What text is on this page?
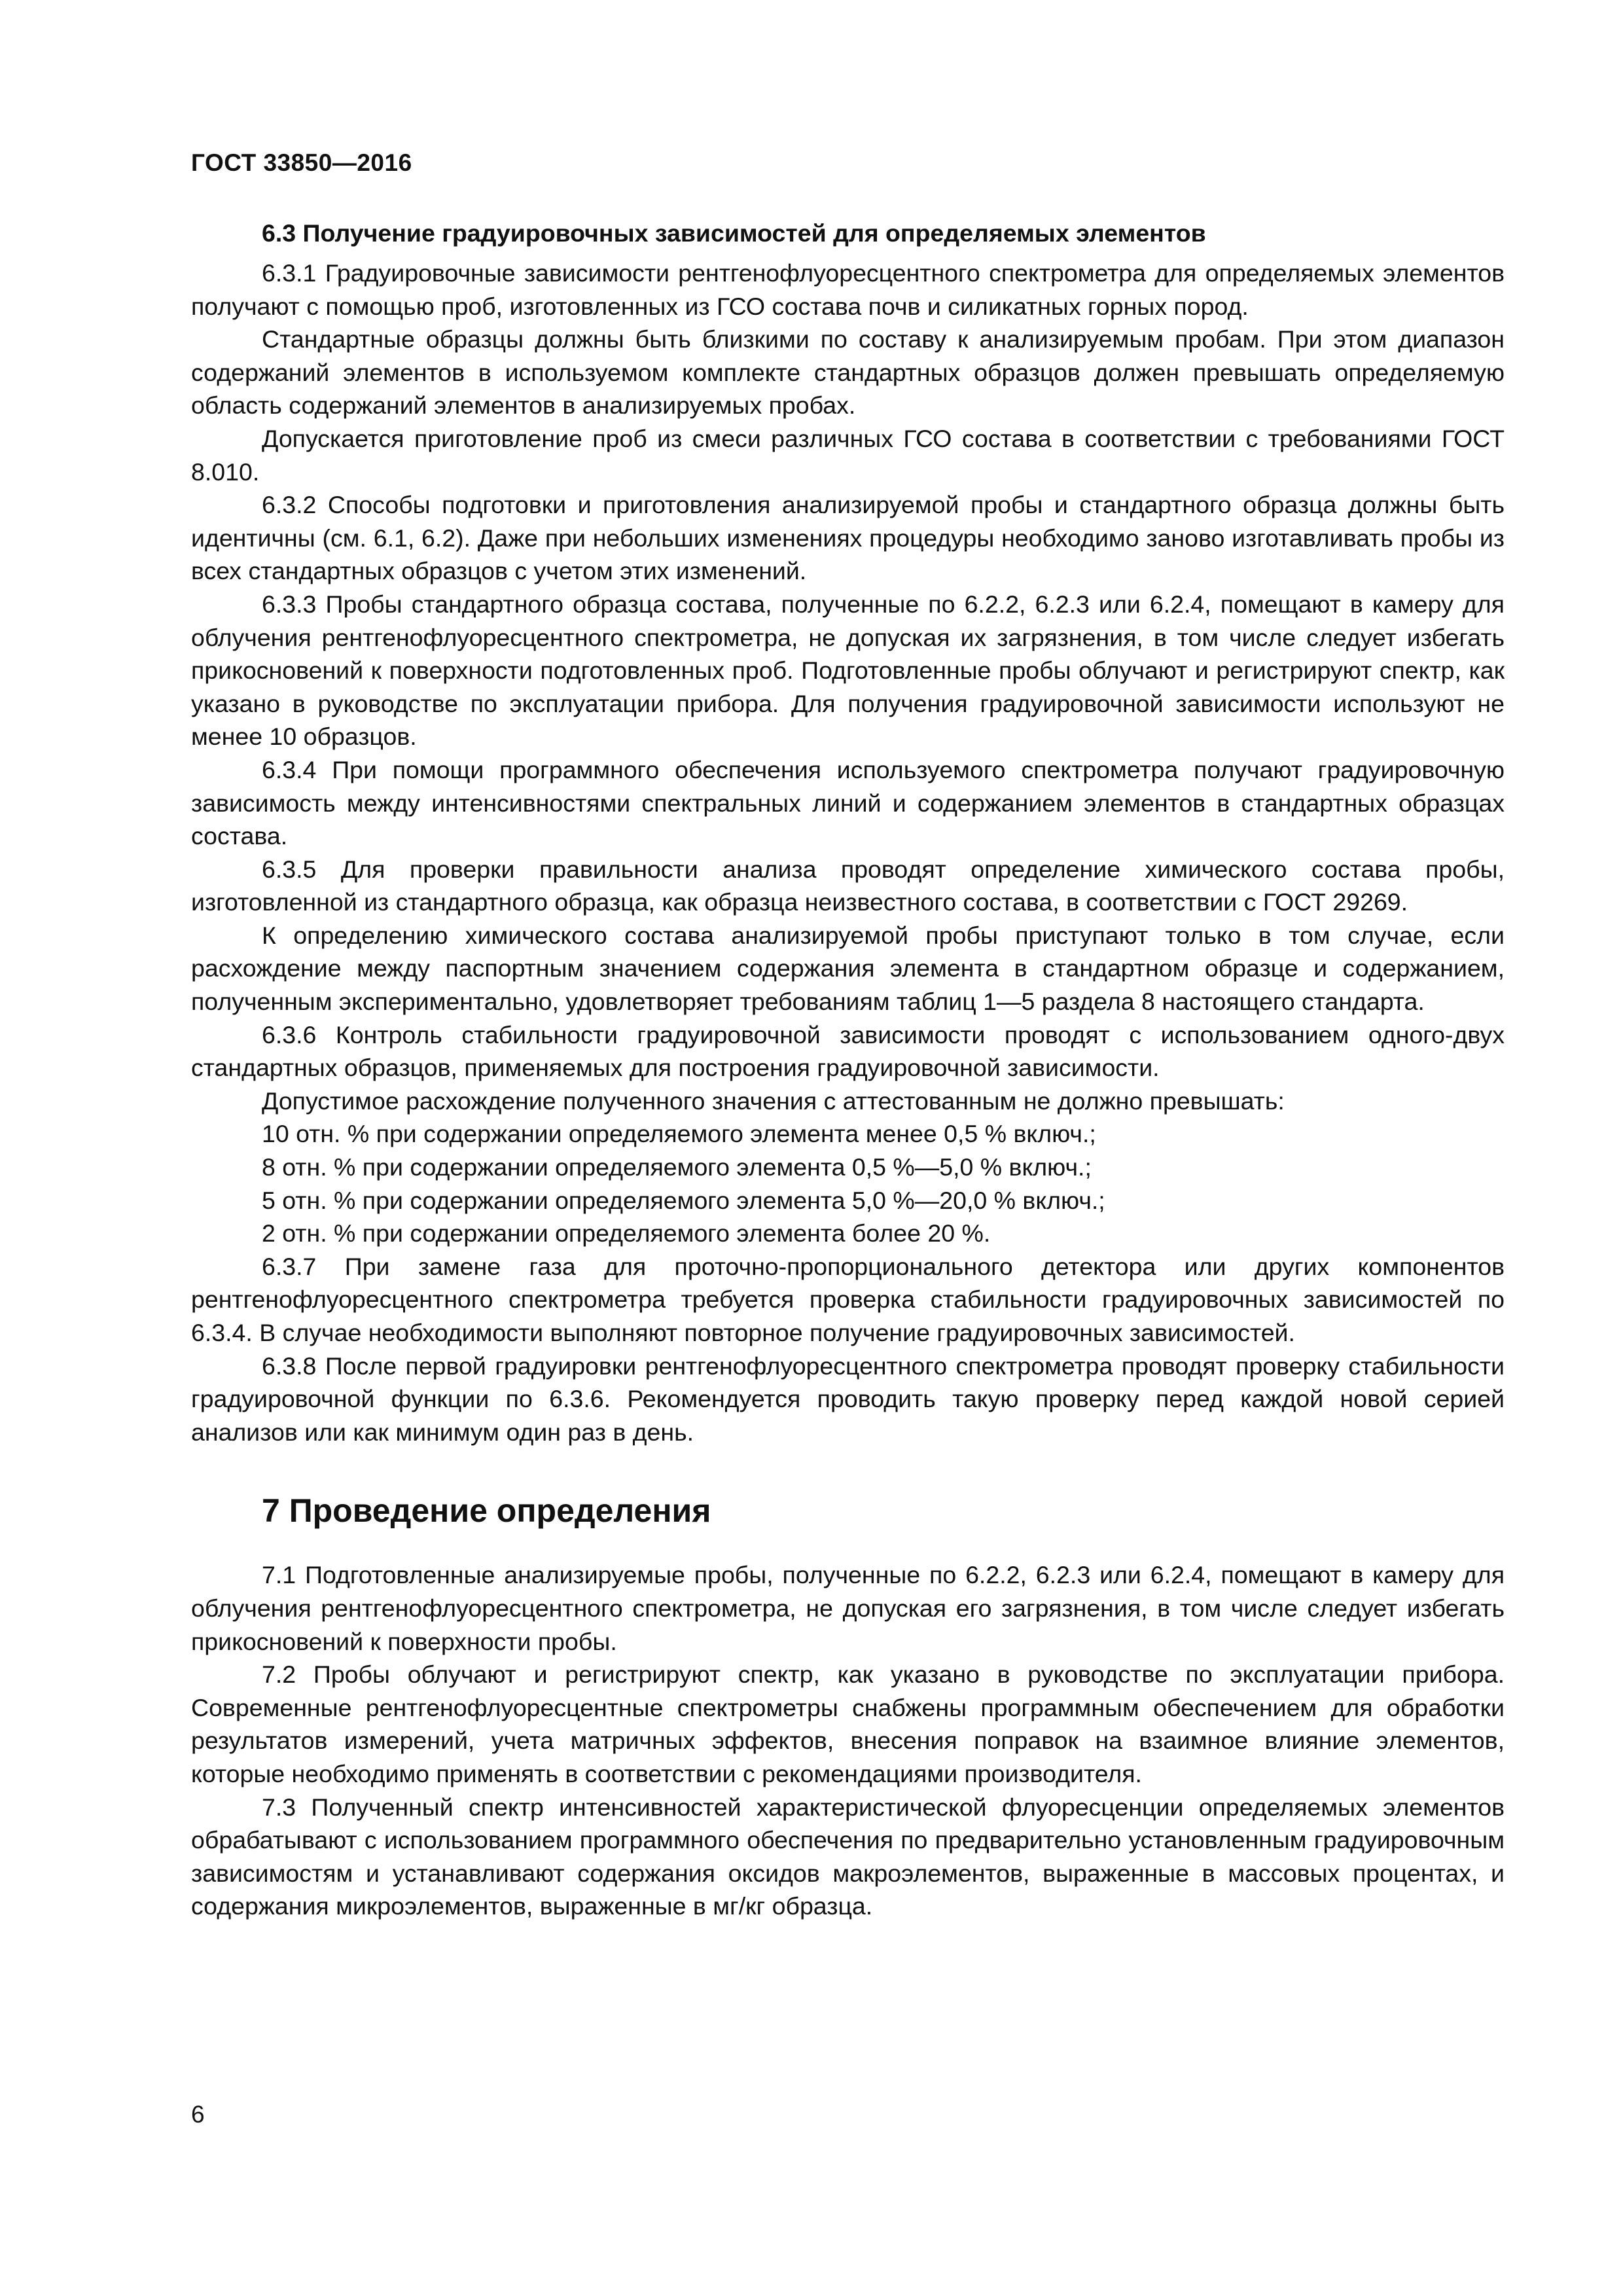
ГОСТ 33850—2016
6.3 Получение градуировочных зависимостей для определяемых элементов

6.3.1 Градуировочные зависимости рентгенофлуоресцентного спектрометра для определяемых элементов получают с помощью проб, изготовленных из ГСО состава почв и силикатных горных пород.

Стандартные образцы должны быть близкими по составу к анализируемым пробам. При этом диапазон содержаний элементов в используемом комплекте стандартных образцов должен превышать определяемую область содержаний элементов в анализируемых пробах.

Допускается приготовление проб из смеси различных ГСО состава в соответствии с требованиями ГОСТ 8.010.

6.3.2 Способы подготовки и приготовления анализируемой пробы и стандартного образца должны быть идентичны (см. 6.1, 6.2). Даже при небольших изменениях процедуры необходимо заново изготавливать пробы из всех стандартных образцов с учетом этих изменений.

6.3.3 Пробы стандартного образца состава, полученные по 6.2.2, 6.2.3 или 6.2.4, помещают в камеру для облучения рентгенофлуоресцентного спектрометра, не допуская их загрязнения, в том числе следует избегать прикосновений к поверхности подготовленных проб. Подготовленные пробы облучают и регистрируют спектр, как указано в руководстве по эксплуатации прибора. Для получения градуировочной зависимости используют не менее 10 образцов.

6.3.4 При помощи программного обеспечения используемого спектрометра получают градуировочную зависимость между интенсивностями спектральных линий и содержанием элементов в стандартных образцах состава.

6.3.5 Для проверки правильности анализа проводят определение химического состава пробы, изготовленной из стандартного образца, как образца неизвестного состава, в соответствии с ГОСТ 29269.

К определению химического состава анализируемой пробы приступают только в том случае, если расхождение между паспортным значением содержания элемента в стандартном образце и содержанием, полученным экспериментально, удовлетворяет требованиям таблиц 1—5 раздела 8 настоящего стандарта.

6.3.6 Контроль стабильности градуировочной зависимости проводят с использованием одного-двух стандартных образцов, применяемых для построения градуировочной зависимости.

Допустимое расхождение полученного значения с аттестованным не должно превышать:

10 отн. % при содержании определяемого элемента менее 0,5 % включ.;

8 отн. % при содержании определяемого элемента 0,5 %—5,0 % включ.;

5 отн. % при содержании определяемого элемента 5,0 %—20,0 % включ.;

2 отн. % при содержании определяемого элемента более 20 %.

6.3.7 При замене газа для проточно-пропорционального детектора или других компонентов рентгенофлуоресцентного спектрометра требуется проверка стабильности градуировочных зависимостей по 6.3.4. В случае необходимости выполняют повторное получение градуировочных зависимостей.

6.3.8 После первой градуировки рентгенофлуоресцентного спектрометра проводят проверку стабильности градуировочной функции по 6.3.6. Рекомендуется проводить такую проверку перед каждой новой серией анализов или как минимум один раз в день.

7 Проведение определения

7.1 Подготовленные анализируемые пробы, полученные по 6.2.2, 6.2.3 или 6.2.4, помещают в камеру для облучения рентгенофлуоресцентного спектрометра, не допуская его загрязнения, в том числе следует избегать прикосновений к поверхности пробы.

7.2 Пробы облучают и регистрируют спектр, как указано в руководстве по эксплуатации прибора. Современные рентгенофлуоресцентные спектрометры снабжены программным обеспечением для обработки результатов измерений, учета матричных эффектов, внесения поправок на взаимное влияние элементов, которые необходимо применять в соответствии с рекомендациями производителя.

7.3 Полученный спектр интенсивностей характеристической флуоресценции определяемых элементов обрабатывают с использованием программного обеспечения по предварительно установленным градуировочным зависимостям и устанавливают содержания оксидов макроэлементов, выраженные в массовых процентах, и содержания микроэлементов, выраженные в мг/кг образца.

6
